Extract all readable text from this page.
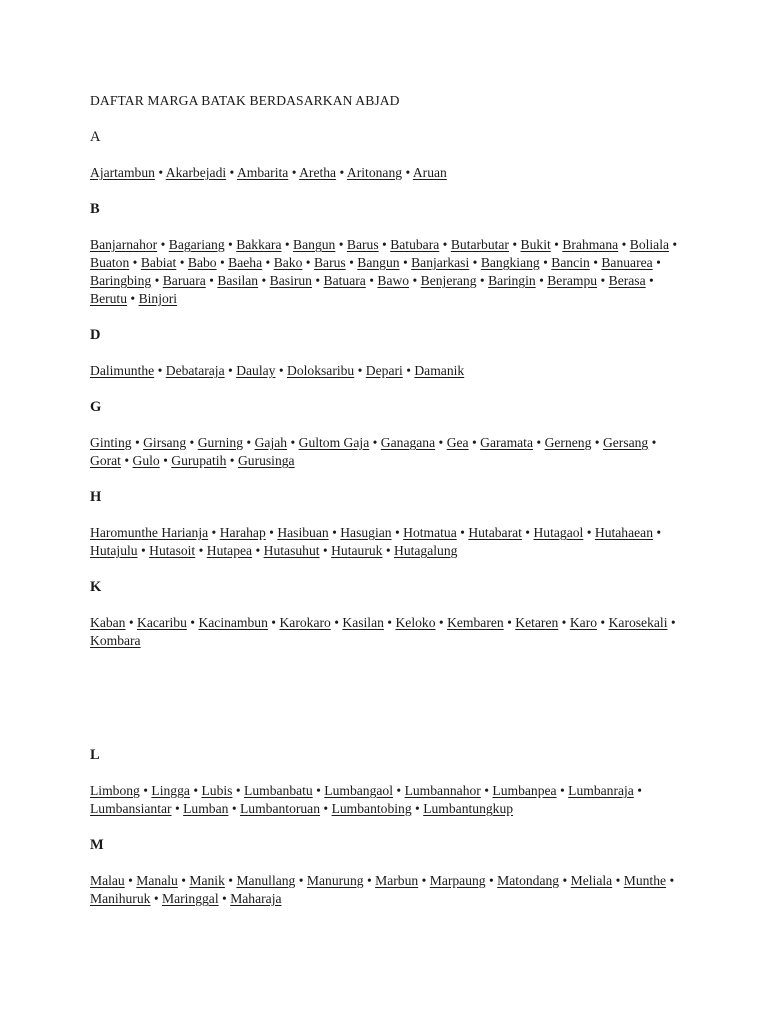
DAFTAR MARGA BATAK BERDASARKAN ABJAD

A

Ajartambun • Akarbejadi • Ambarita • Aretha • Aritonang • Aruan

B

Banjarnahor • Bagariang • Bakkara • Bangun • Barus • Batubara • Butarbutar • Bukit • Brahmana • Boliala • Buaton • Babiat • Babo • Baeha • Bako • Barus • Bangun • Banjarkasi • Bangkiang • Bancin • Banuarea • Baringbing • Baruara • Basilan • Basirun • Batuara • Bawo • Benjerang • Baringin • Berampu • Berasa • Berutu • Binjori

D

Dalimunthe • Debataraja • Daulay • Doloksaribu • Depari • Damanik

G

Ginting • Girsang • Gurning • Gajah • Gultom Gaja • Ganagana • Gea • Garamata • Gerneng • Gersang • Gorat • Gulo • Gurupatih • Gurusinga

H

Haromunthe Harianja • Harahap • Hasibuan • Hasugian • Hotmatua • Hutabarat • Hutagaol • Hutahaean • Hutajulu • Hutasoit • Hutapea • Hutasuhut • Hutauruk • Hutagalung

K

Kaban • Kacaribu • Kacinambun • Karokaro • Kasilan • Keloko • Kembaren • Ketaren • Karo • Karosekali • Kombara

L

Limbong • Lingga • Lubis • Lumbanbatu • Lumbangaol • Lumbannahor • Lumbanpea • Lumbanraja • Lumbansiantar • Lumban • Lumbantoruan • Lumbantobing • Lumbantungkup

M

Malau • Manalu • Manik • Manullang • Manurung • Marbun • Marpaung • Matondang • Meliala • Munthe • Manihuruk • Maringgal • Maharaja
